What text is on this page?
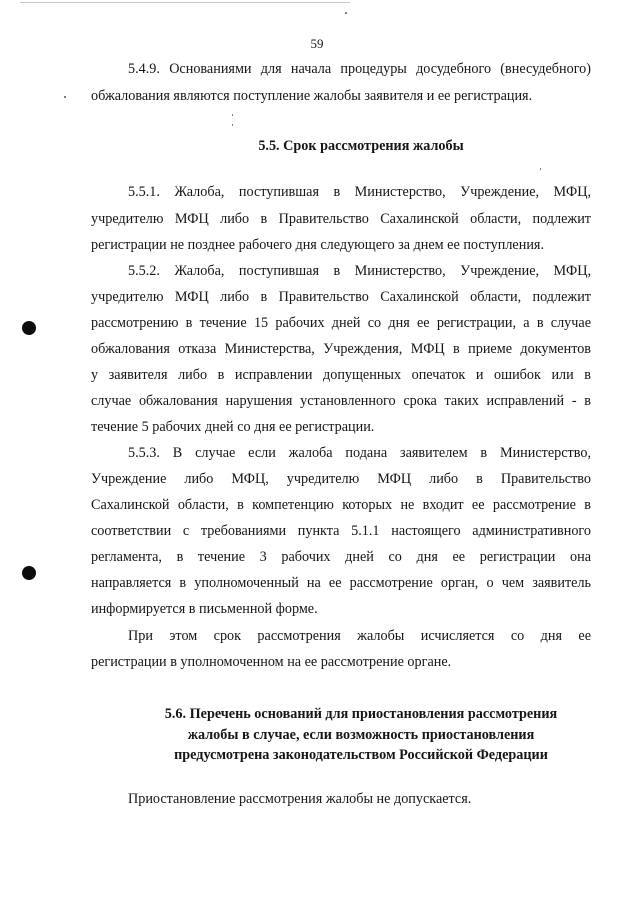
59
5.4.9. Основаниями для начала процедуры досудебного (внесудебного)
обжалования являются поступление жалобы заявителя и ее регистрация.
5.5. Срок рассмотрения жалобы
5.5.1. Жалоба, поступившая в Министерство, Учреждение, МФЦ,
учредителю МФЦ либо в Правительство Сахалинской области, подлежит
регистрации не позднее рабочего дня следующего за днем ее поступления.
5.5.2. Жалоба, поступившая в Министерство, Учреждение, МФЦ,
учредителю МФЦ либо в Правительство Сахалинской области, подлежит
рассмотрению в течение 15 рабочих дней со дня ее регистрации, а в случае
обжалования отказа Министерства, Учреждения, МФЦ в приеме документов
у заявителя либо в исправлении допущенных опечаток и ошибок или в
случае обжалования нарушения установленного срока таких исправлений - в
течение 5 рабочих дней со дня ее регистрации.
5.5.3. В случае если жалоба подана заявителем в Министерство,
Учреждение либо МФЦ, учредителю МФЦ либо в Правительство
Сахалинской области, в компетенцию которых не входит ее рассмотрение в
соответствии с требованиями пункта 5.1.1 настоящего административного
регламента, в течение 3 рабочих дней со дня ее регистрации она
направляется в уполномоченный на ее рассмотрение орган, о чем заявитель
информируется в письменной форме.
При этом срок рассмотрения жалобы исчисляется со дня ее
регистрации в уполномоченном на ее рассмотрение органе.
5.6. Перечень оснований для приостановления рассмотрения
жалобы в случае, если возможность приостановления
предусмотрена законодательством Российской Федерации
Приостановление рассмотрения жалобы не допускается.
